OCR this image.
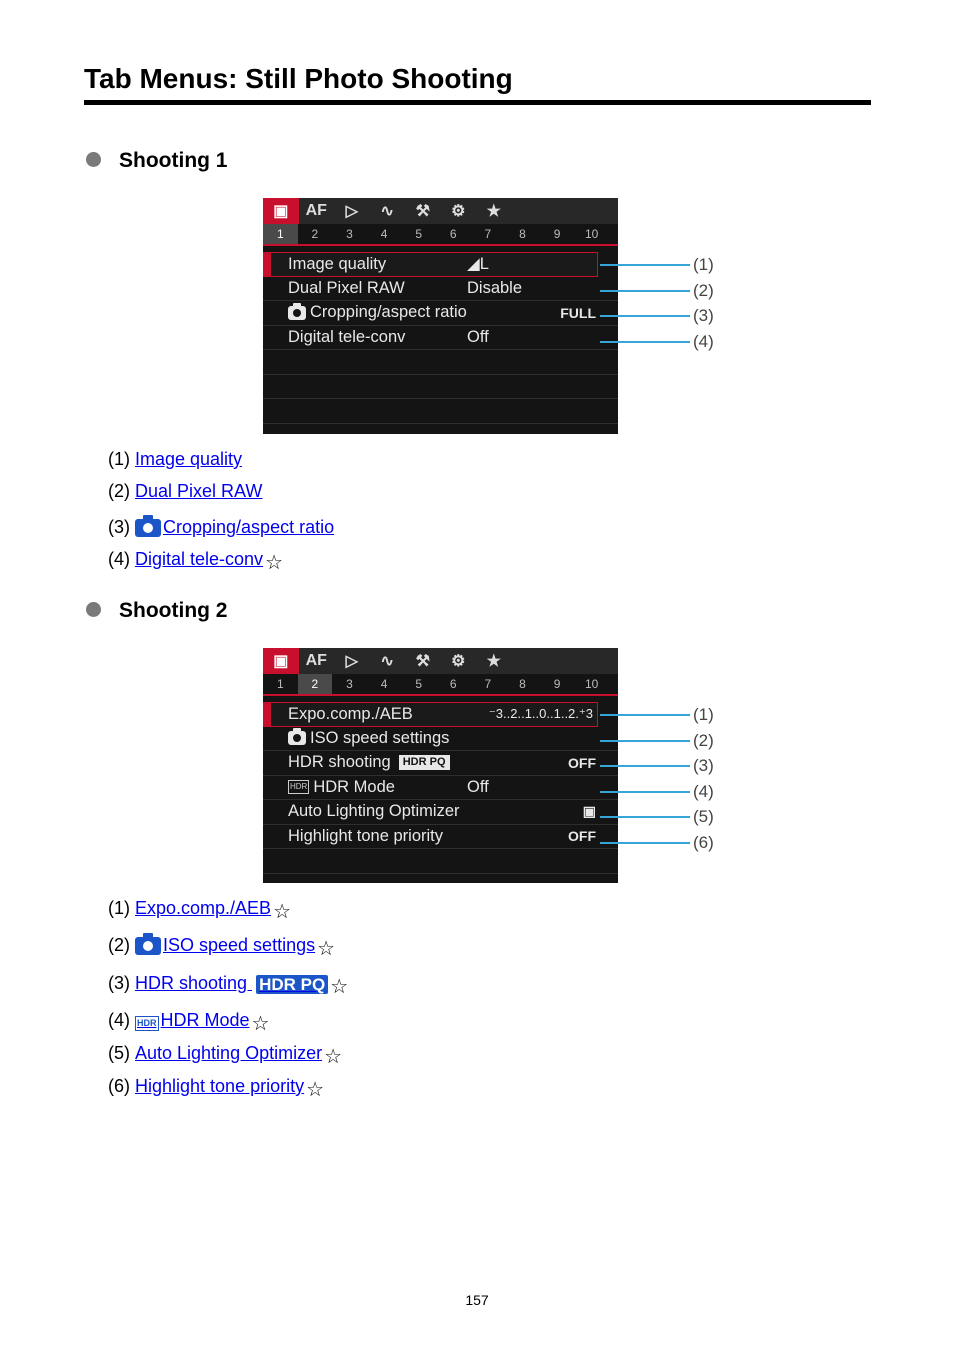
Tab Menus: Still Photo Shooting
Shooting 1
▣	AF	▷	∿	⚒	⚙	★
1	2	3	4	5	6	7	8	9	10
Image quality	◢L
Dual Pixel RAW	Disable
Cropping/aspect ratio	FULL
Digital tele-conv	Off
(1)
(2)
(3)
(4)
(1) Image quality
(2) Dual Pixel RAW
(3) Cropping/aspect ratio
(4) Digital tele-conv ☆
Shooting 2
▣	AF	▷	∿	⚒	⚙	★
1	2	3	4	5	6	7	8	9	10
Expo.comp./AEB	⁻3..2..1..0..1..2.⁺3
ISO speed settings
HDR shooting	HDR PQ	OFF
HDR HDR Mode	Off
Auto Lighting Optimizer	▣
Highlight tone priority	OFF
(1)
(2)
(3)
(4)
(5)
(6)
(1) Expo.comp./AEB ☆
(2) ISO speed settings ☆
(3) HDR shooting HDR PQ ☆
(4) HDR HDR Mode ☆
(5) Auto Lighting Optimizer ☆
(6) Highlight tone priority ☆
157
